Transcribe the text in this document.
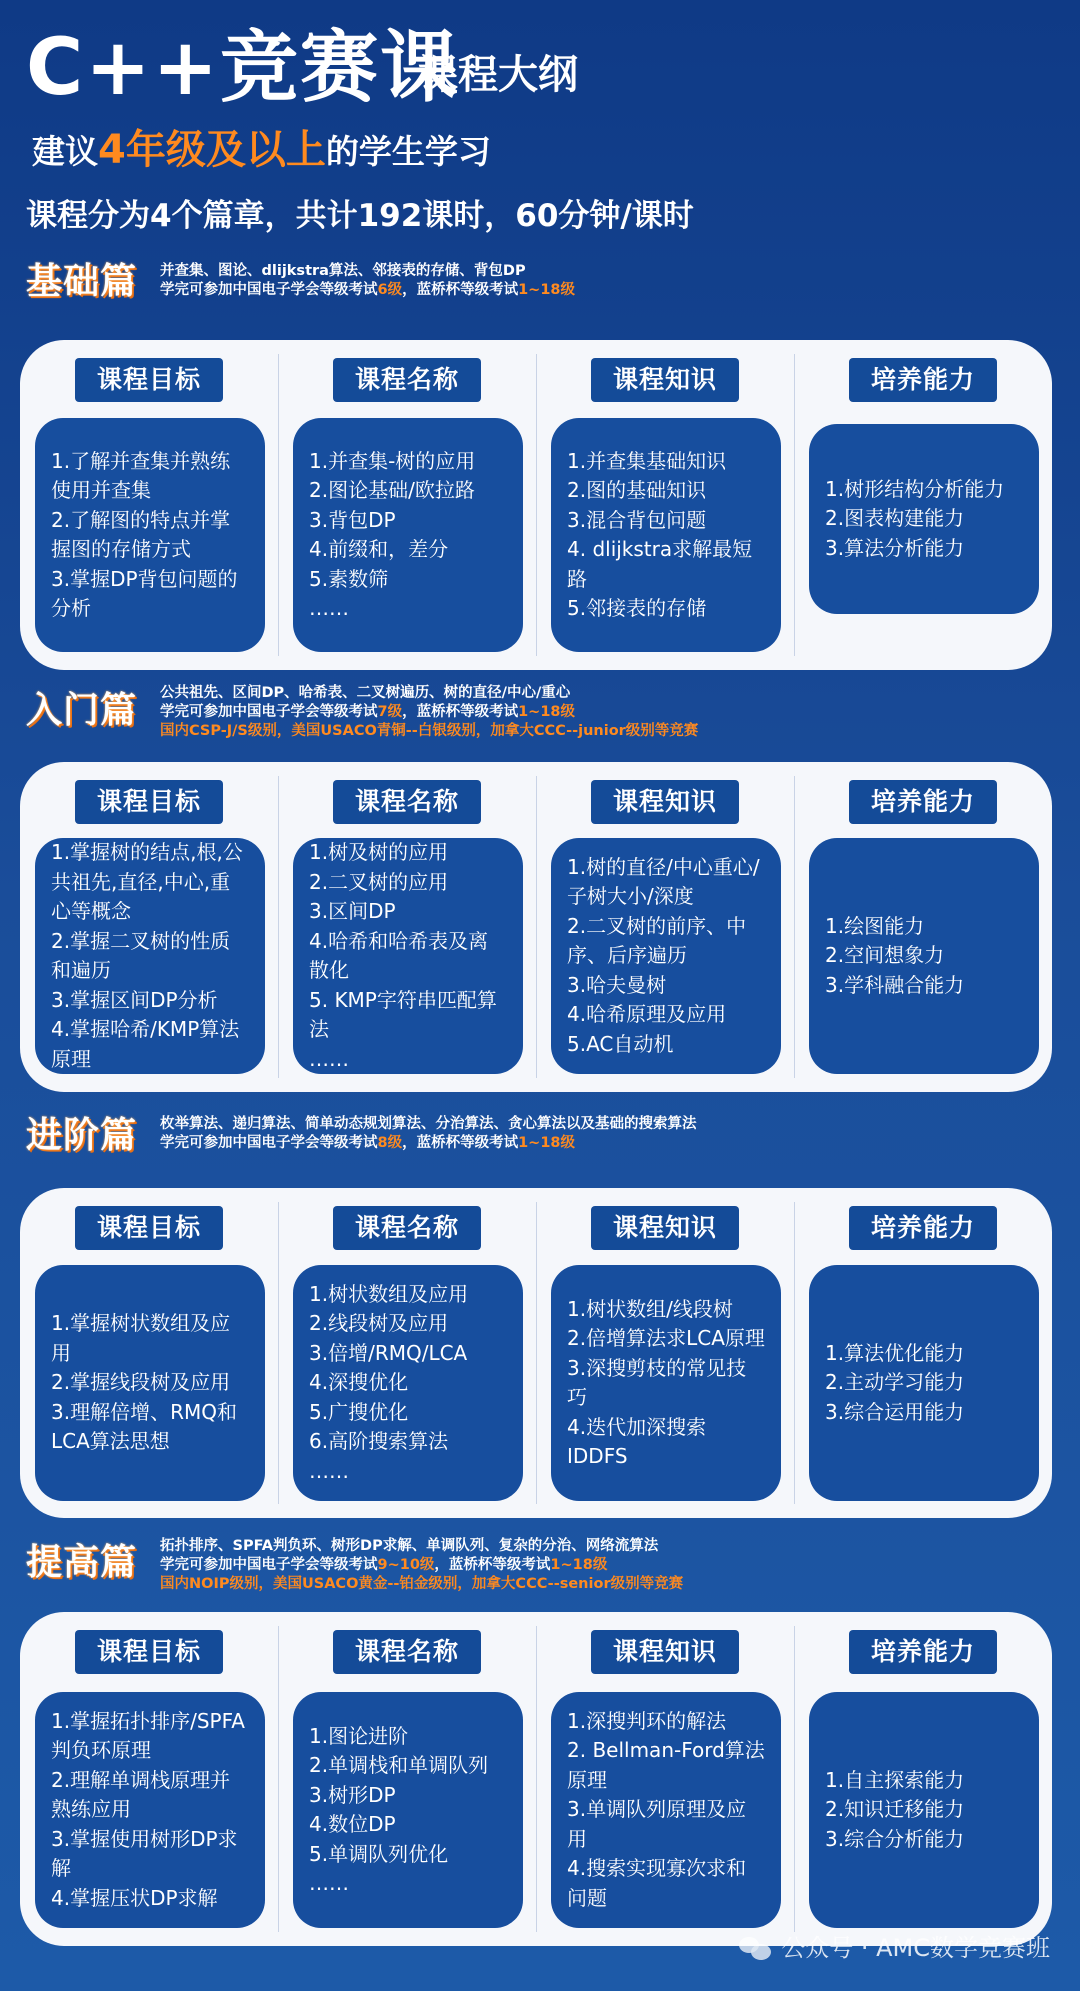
C++竞赛课
课程大纲
建议4年级及以上的学生学习
课程分为4个篇章，共计192课时，60分钟/课时
基础篇 并查集、图论、dlijkstra算法、邻接表的存储、背包DP
学完可参加中国电子学会等级考试6级，蓝桥杯等级考试1~18级
课程目标
1.了解并查集并熟练使用并查集
2.了解图的特点并掌握图的存储方式
3.掌握DP背包问题的分析
课程名称
1.并查集-树的应用
2.图论基础/欧拉路
3.背包DP
4.前缀和，差分
5.素数筛
……
课程知识
1.并查集基础知识
2.图的基础知识
3.混合背包问题
4. dlijkstra求解最短路
5.邻接表的存储
培养能力
1.树形结构分析能力
2.图表构建能力
3.算法分析能力
入门篇 公共祖先、区间DP、哈希表、二叉树遍历、树的直径/中心/重心
学完可参加中国电子学会等级考试7级，蓝桥杯等级考试1~18级
国内CSP-J/S级别，美国USACO青铜--白银级别，加拿大CCC--junior级别等竞赛
课程目标
1.掌握树的结点,根,公共祖先,直径,中心,重心等概念
2.掌握二叉树的性质和遍历
3.掌握区间DP分析
4.掌握哈希/KMP算法原理
课程名称
1.树及树的应用
2.二叉树的应用
3.区间DP
4.哈希和哈希表及离散化
5. KMP字符串匹配算法
……
课程知识
1.树的直径/中心重心/子树大小/深度
2.二叉树的前序、中序、后序遍历
3.哈夫曼树
4.哈希原理及应用
5.AC自动机
培养能力
1.绘图能力
2.空间想象力
3.学科融合能力
进阶篇 枚举算法、递归算法、简单动态规划算法、分治算法、贪心算法以及基础的搜索算法
学完可参加中国电子学会等级考试8级，蓝桥杯等级考试1~18级
课程目标
1.掌握树状数组及应用
2.掌握线段树及应用
3.理解倍增、RMQ和LCA算法思想
课程名称
1.树状数组及应用
2.线段树及应用
3.倍增/RMQ/LCA
4.深搜优化
5.广搜优化
6.高阶搜索算法
……
课程知识
1.树状数组/线段树
2.倍增算法求LCA原理
3.深搜剪枝的常见技巧
4.迭代加深搜索IDDFS
培养能力
1.算法优化能力
2.主动学习能力
3.综合运用能力
提高篇 拓扑排序、SPFA判负环、树形DP求解、单调队列、复杂的分治、网络流算法
学完可参加中国电子学会等级考试9~10级，蓝桥杯等级考试1~18级
国内NOIP级别，美国USACO黄金--铂金级别，加拿大CCC--senior级别等竞赛
课程目标
1.掌握拓扑排序/SPFA判负环原理
2.理解单调栈原理并熟练应用
3.掌握使用树形DP求解
4.掌握压状DP求解
课程名称
1.图论进阶
2.单调栈和单调队列
3.树形DP
4.数位DP
5.单调队列优化
……
课程知识
1.深搜判环的解法
2. Bellman-Ford算法原理
3.单调队列原理及应用
4.搜索实现寡次求和问题
培养能力
1.自主探索能力
2.知识迁移能力
3.综合分析能力
公众号 · AMC数学竞赛班
